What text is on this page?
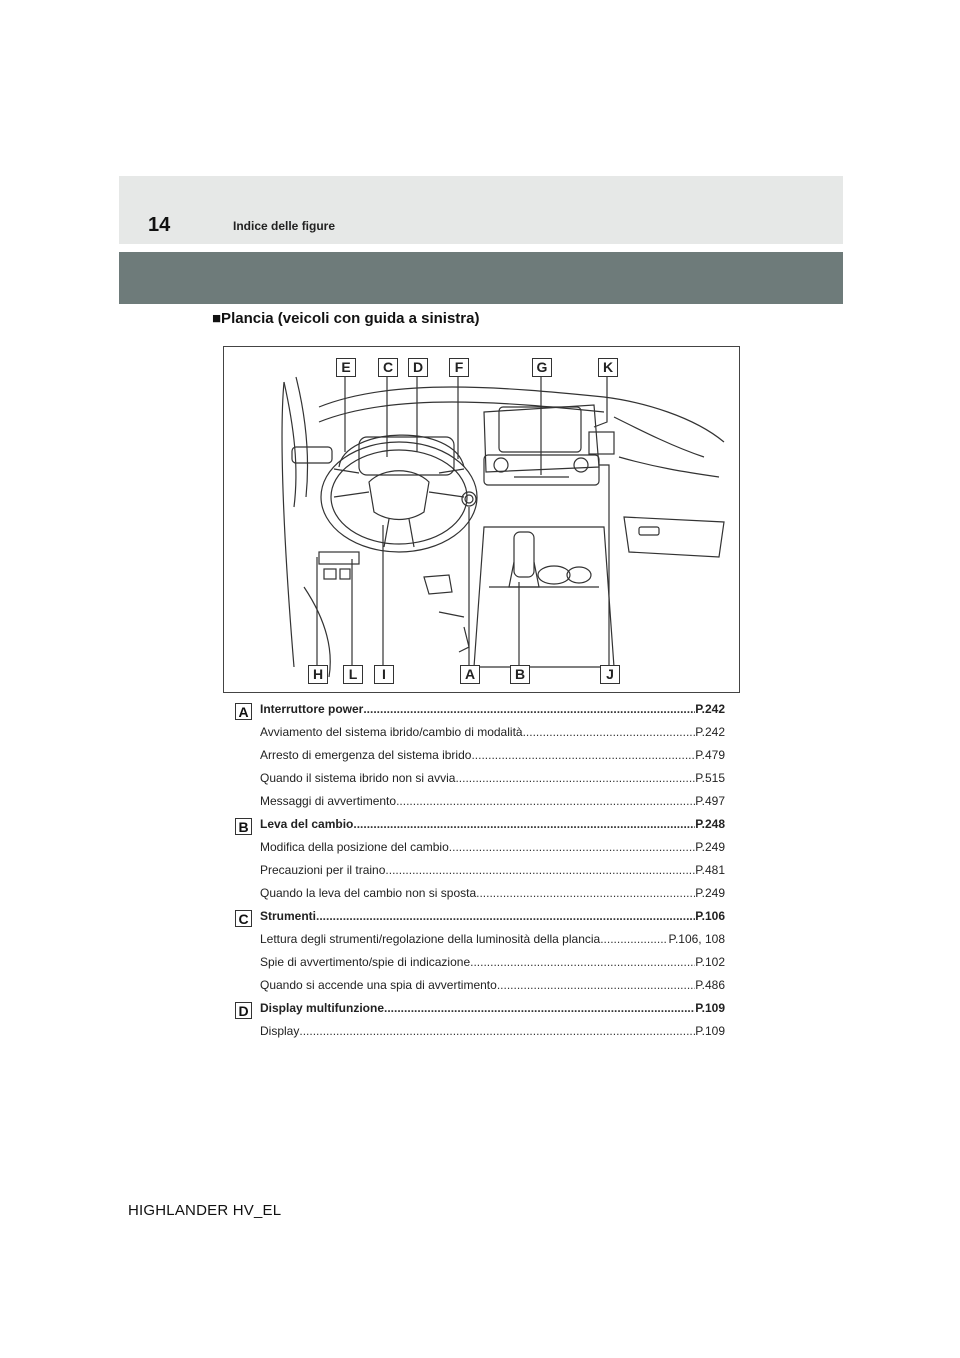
14	Indice delle figure
■Plancia (veicoli con guida a sinistra)
E	C	D	F	G	K
H	L	I	A	B	J
A Interruttore power .....	P.242
Avviamento del sistema ibrido/cambio di modalità .....	P.242
Arresto di emergenza del sistema ibrido .....	P.479
Quando il sistema ibrido non si avvia .....	P.515
Messaggi di avvertimento .....	P.497
B Leva del cambio .....	P.248
Modifica della posizione del cambio .....	P.249
Precauzioni per il traino .....	P.481
Quando la leva del cambio non si sposta .....	P.249
C Strumenti .....	P.106
Lettura degli strumenti/regolazione della luminosità della plancia .....	P.106, 108
Spie di avvertimento/spie di indicazione .....	P.102
Quando si accende una spia di avvertimento .....	P.486
D Display multifunzione .....	P.109
Display .....	P.109
HIGHLANDER HV_EL
